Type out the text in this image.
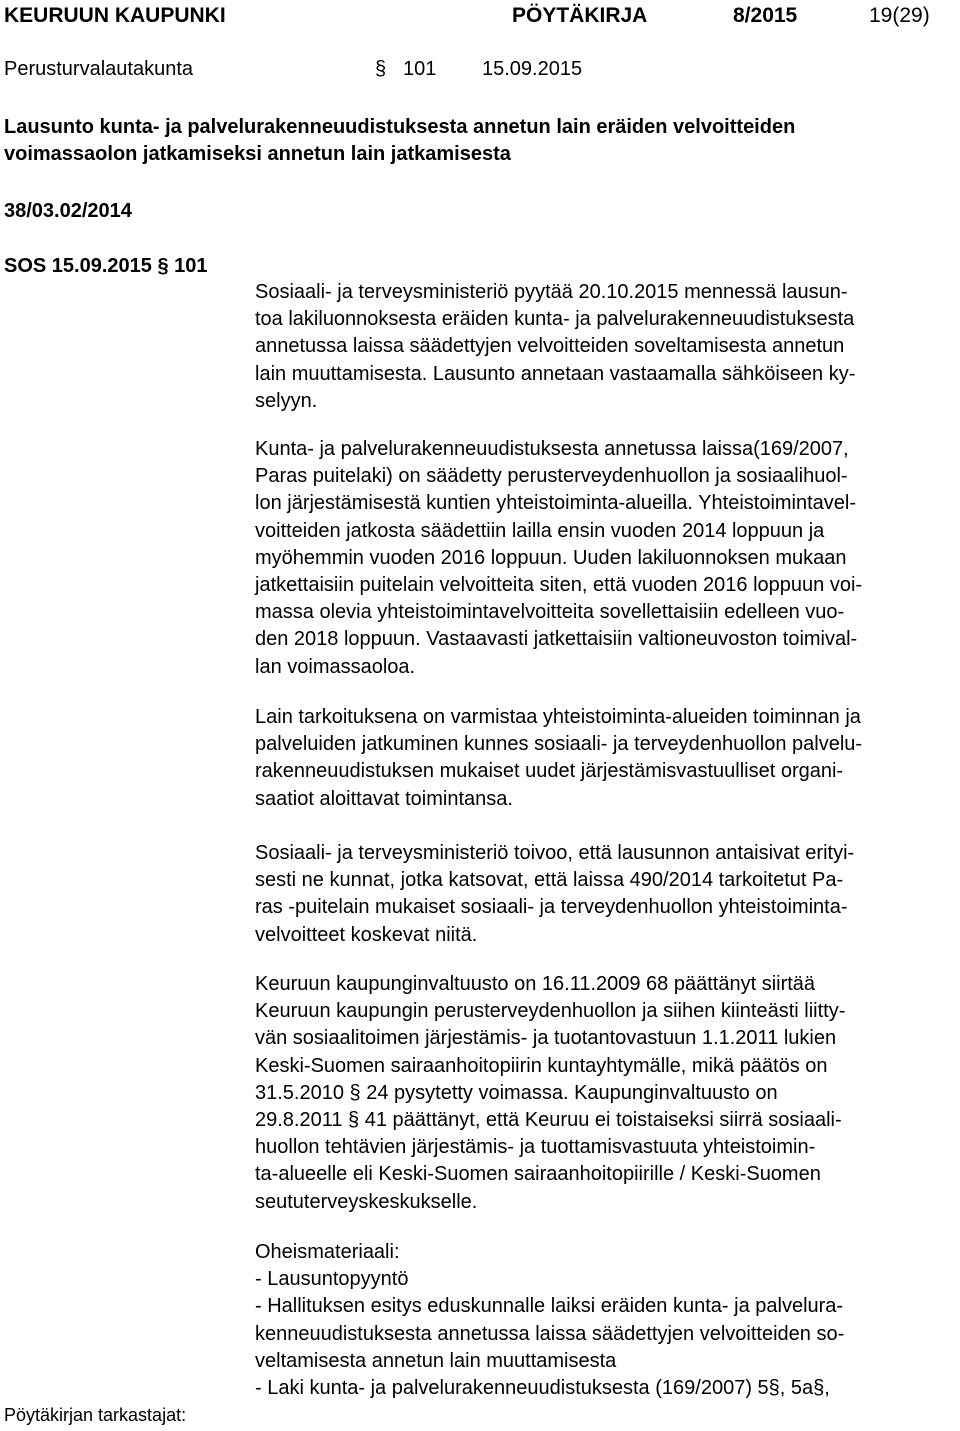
KEURUUN KAUPUNKI	PÖYTÄKIRJA	8/2015	19(29)
Perusturvalautakunta	§ 101 15.09.2015
Lausunto kunta- ja palvelurakenneuudistuksesta annetun lain eräiden velvoitteiden
voimassaolon jatkamiseksi annetun lain jatkamisesta
38/03.02/2014
SOS 15.09.2015 § 101
Sosiaali- ja terveysministeriö pyytää 20.10.2015 mennessä lausun-
toa lakiluonnoksesta eräiden kunta- ja palvelurakenneuudistuksesta
annetussa laissa säädettyjen velvoitteiden soveltamisesta annetun
lain muuttamisesta. Lausunto annetaan vastaamalla sähköiseen ky-
selyyn.
Kunta- ja palvelurakenneuudistuksesta annetussa laissa(169/2007,
Paras puitelaki) on säädetty perusterveydenhuollon ja sosiaalihuol-
lon järjestämisestä kuntien yhteistoiminta-alueilla. Yhteistoimintavel-
voitteiden jatkosta säädettiin lailla ensin vuoden 2014 loppuun ja
myöhemmin vuoden 2016 loppuun. Uuden lakiluonnoksen mukaan
jatkettaisiin puitelain velvoitteita siten, että vuoden 2016 loppuun voi-
massa olevia yhteistoimintavelvoitteita sovellettaisiin edelleen vuo-
den 2018 loppuun. Vastaavasti jatkettaisiin valtioneuvoston toimival-
lan voimassaoloa.
Lain tarkoituksena on varmistaa yhteistoiminta-alueiden toiminnan ja
palveluiden jatkuminen kunnes sosiaali- ja terveydenhuollon palvelu-
rakenneuudistuksen mukaiset uudet järjestämisvastuulliset organi-
saatiot aloittavat toimintansa.
Sosiaali- ja terveysministeriö toivoo, että lausunnon antaisivat erityi-
sesti ne kunnat, jotka katsovat, että laissa 490/2014 tarkoitetut Pa-
ras -puitelain mukaiset sosiaali- ja terveydenhuollon yhteistoiminta-
velvoitteet koskevat niitä.
Keuruun kaupunginvaltuusto on 16.11.2009 68 päättänyt siirtää
Keuruun kaupungin perusterveydenhuollon ja siihen kiinteästi liitty-
vän sosiaalitoimen järjestämis- ja tuotantovastuun 1.1.2011 lukien
Keski-Suomen sairaanhoitopiirin kuntayhtymälle, mikä päätös on
31.5.2010 § 24 pysytetty voimassa. Kaupunginvaltuusto on
29.8.2011 § 41 päättänyt, että Keuruu ei toistaiseksi siirrä sosiaali-
huollon tehtävien järjestämis- ja tuottamisvastuuta yhteistoimin-
ta-alueelle eli Keski-Suomen sairaanhoitopiirille / Keski-Suomen
seututerveyskeskukselle.
Oheismateriaali:
- Lausuntopyyntö
- Hallituksen esitys eduskunnalle laiksi eräiden kunta- ja palvelura-
kenneuudistuksesta annetussa laissa säädettyjen velvoitteiden so-
veltamisesta annetun lain muuttamisesta
- Laki kunta- ja palvelurakenneuudistuksesta (169/2007) 5§, 5a§,
Pöytäkirjan tarkastajat:
